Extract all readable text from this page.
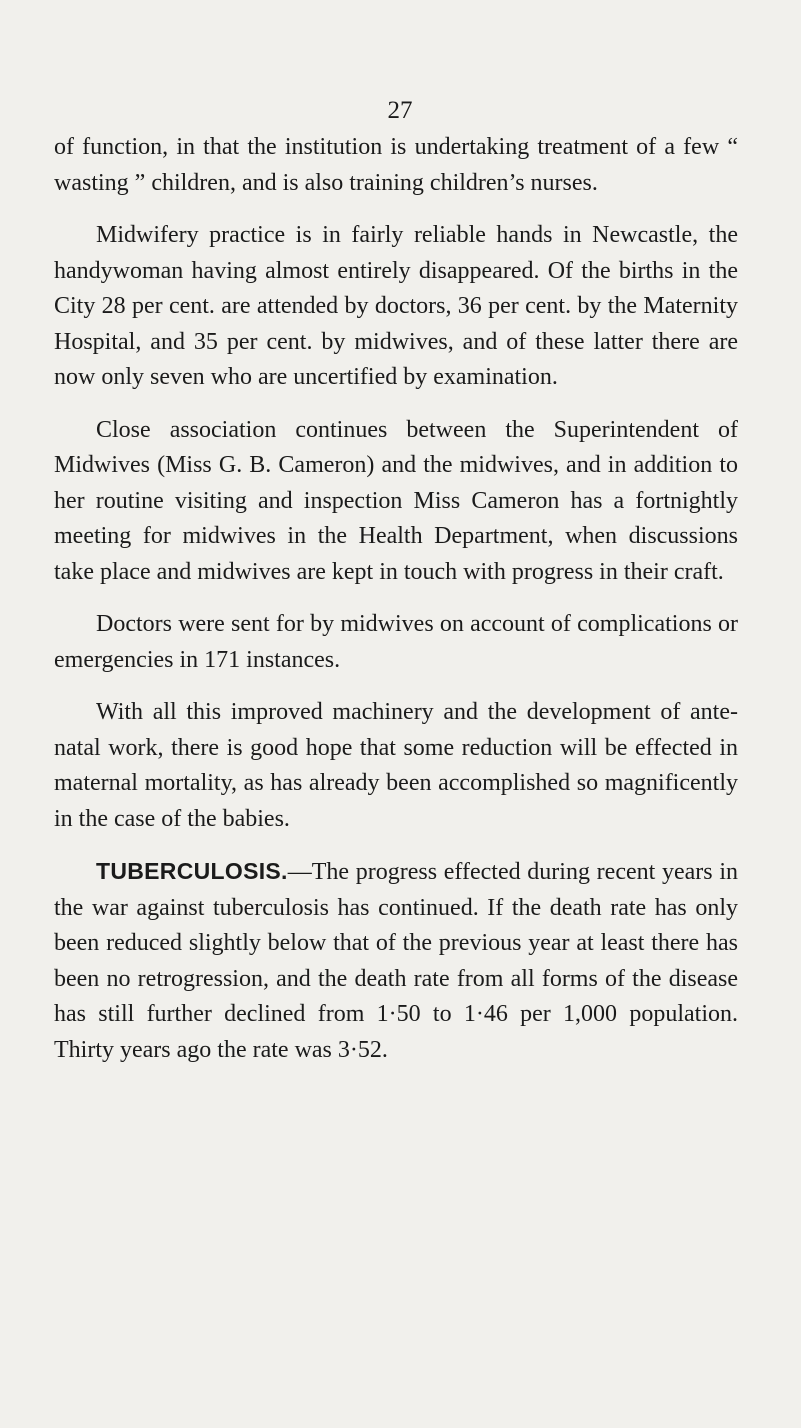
27

of function, in that the institution is undertaking treatment of a few “ wasting ” children, and is also training children’s nurses.

Midwifery practice is in fairly reliable hands in Newcastle, the handywoman having almost entirely disappeared. Of the births in the City 28 per cent. are attended by doctors, 36 per cent. by the Maternity Hospital, and 35 per cent. by midwives, and of these latter there are now only seven who are uncertified by examination.

Close association continues between the Superintendent of Midwives (Miss G. B. Cameron) and the midwives, and in addition to her routine visiting and inspection Miss Cameron has a fortnightly meeting for midwives in the Health Department, when discussions take place and midwives are kept in touch with progress in their craft.

Doctors were sent for by midwives on account of complications or emergencies in 171 instances.

With all this improved machinery and the development of ante-natal work, there is good hope that some reduction will be effected in maternal mortality, as has already been accomplished so magnificently in the case of the babies.

TUBERCULOSIS.—The progress effected during recent years in the war against tuberculosis has continued. If the death rate has only been reduced slightly below that of the previous year at least there has been no retrogression, and the death rate from all forms of the disease has still further declined from 1·50 to 1·46 per 1,000 population. Thirty years ago the rate was 3·52.
